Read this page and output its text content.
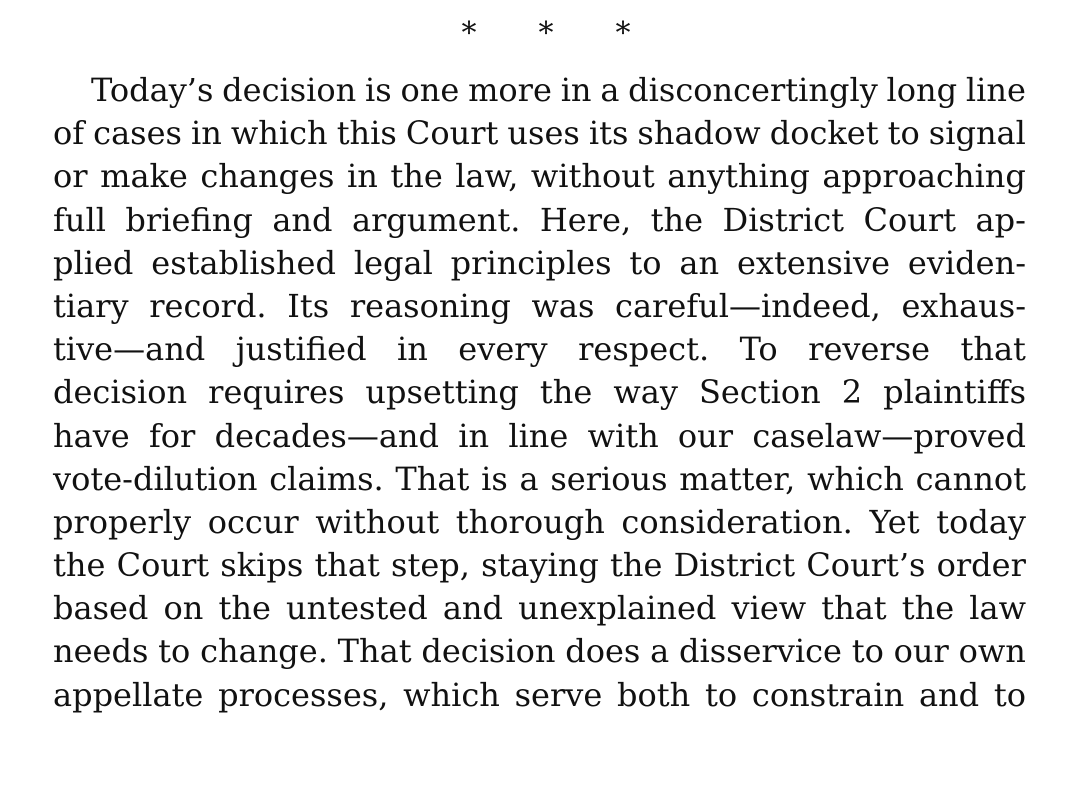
* * *
Today’s decision is one more in a disconcertingly long line
of cases in which this Court uses its shadow docket to signal
or make changes in the law, without anything approaching
full briefing and argument. Here, the District Court ap-
plied established legal principles to an extensive eviden-
tiary record. Its reasoning was careful—indeed, exhaus-
tive—and justified in every respect. To reverse that
decision requires upsetting the way Section 2 plaintiffs
have for decades—and in line with our caselaw—proved
vote-dilution claims. That is a serious matter, which cannot
properly occur without thorough consideration. Yet today
the Court skips that step, staying the District Court’s order
based on the untested and unexplained view that the law
needs to change. That decision does a disservice to our own
appellate processes, which serve both to constrain and to
